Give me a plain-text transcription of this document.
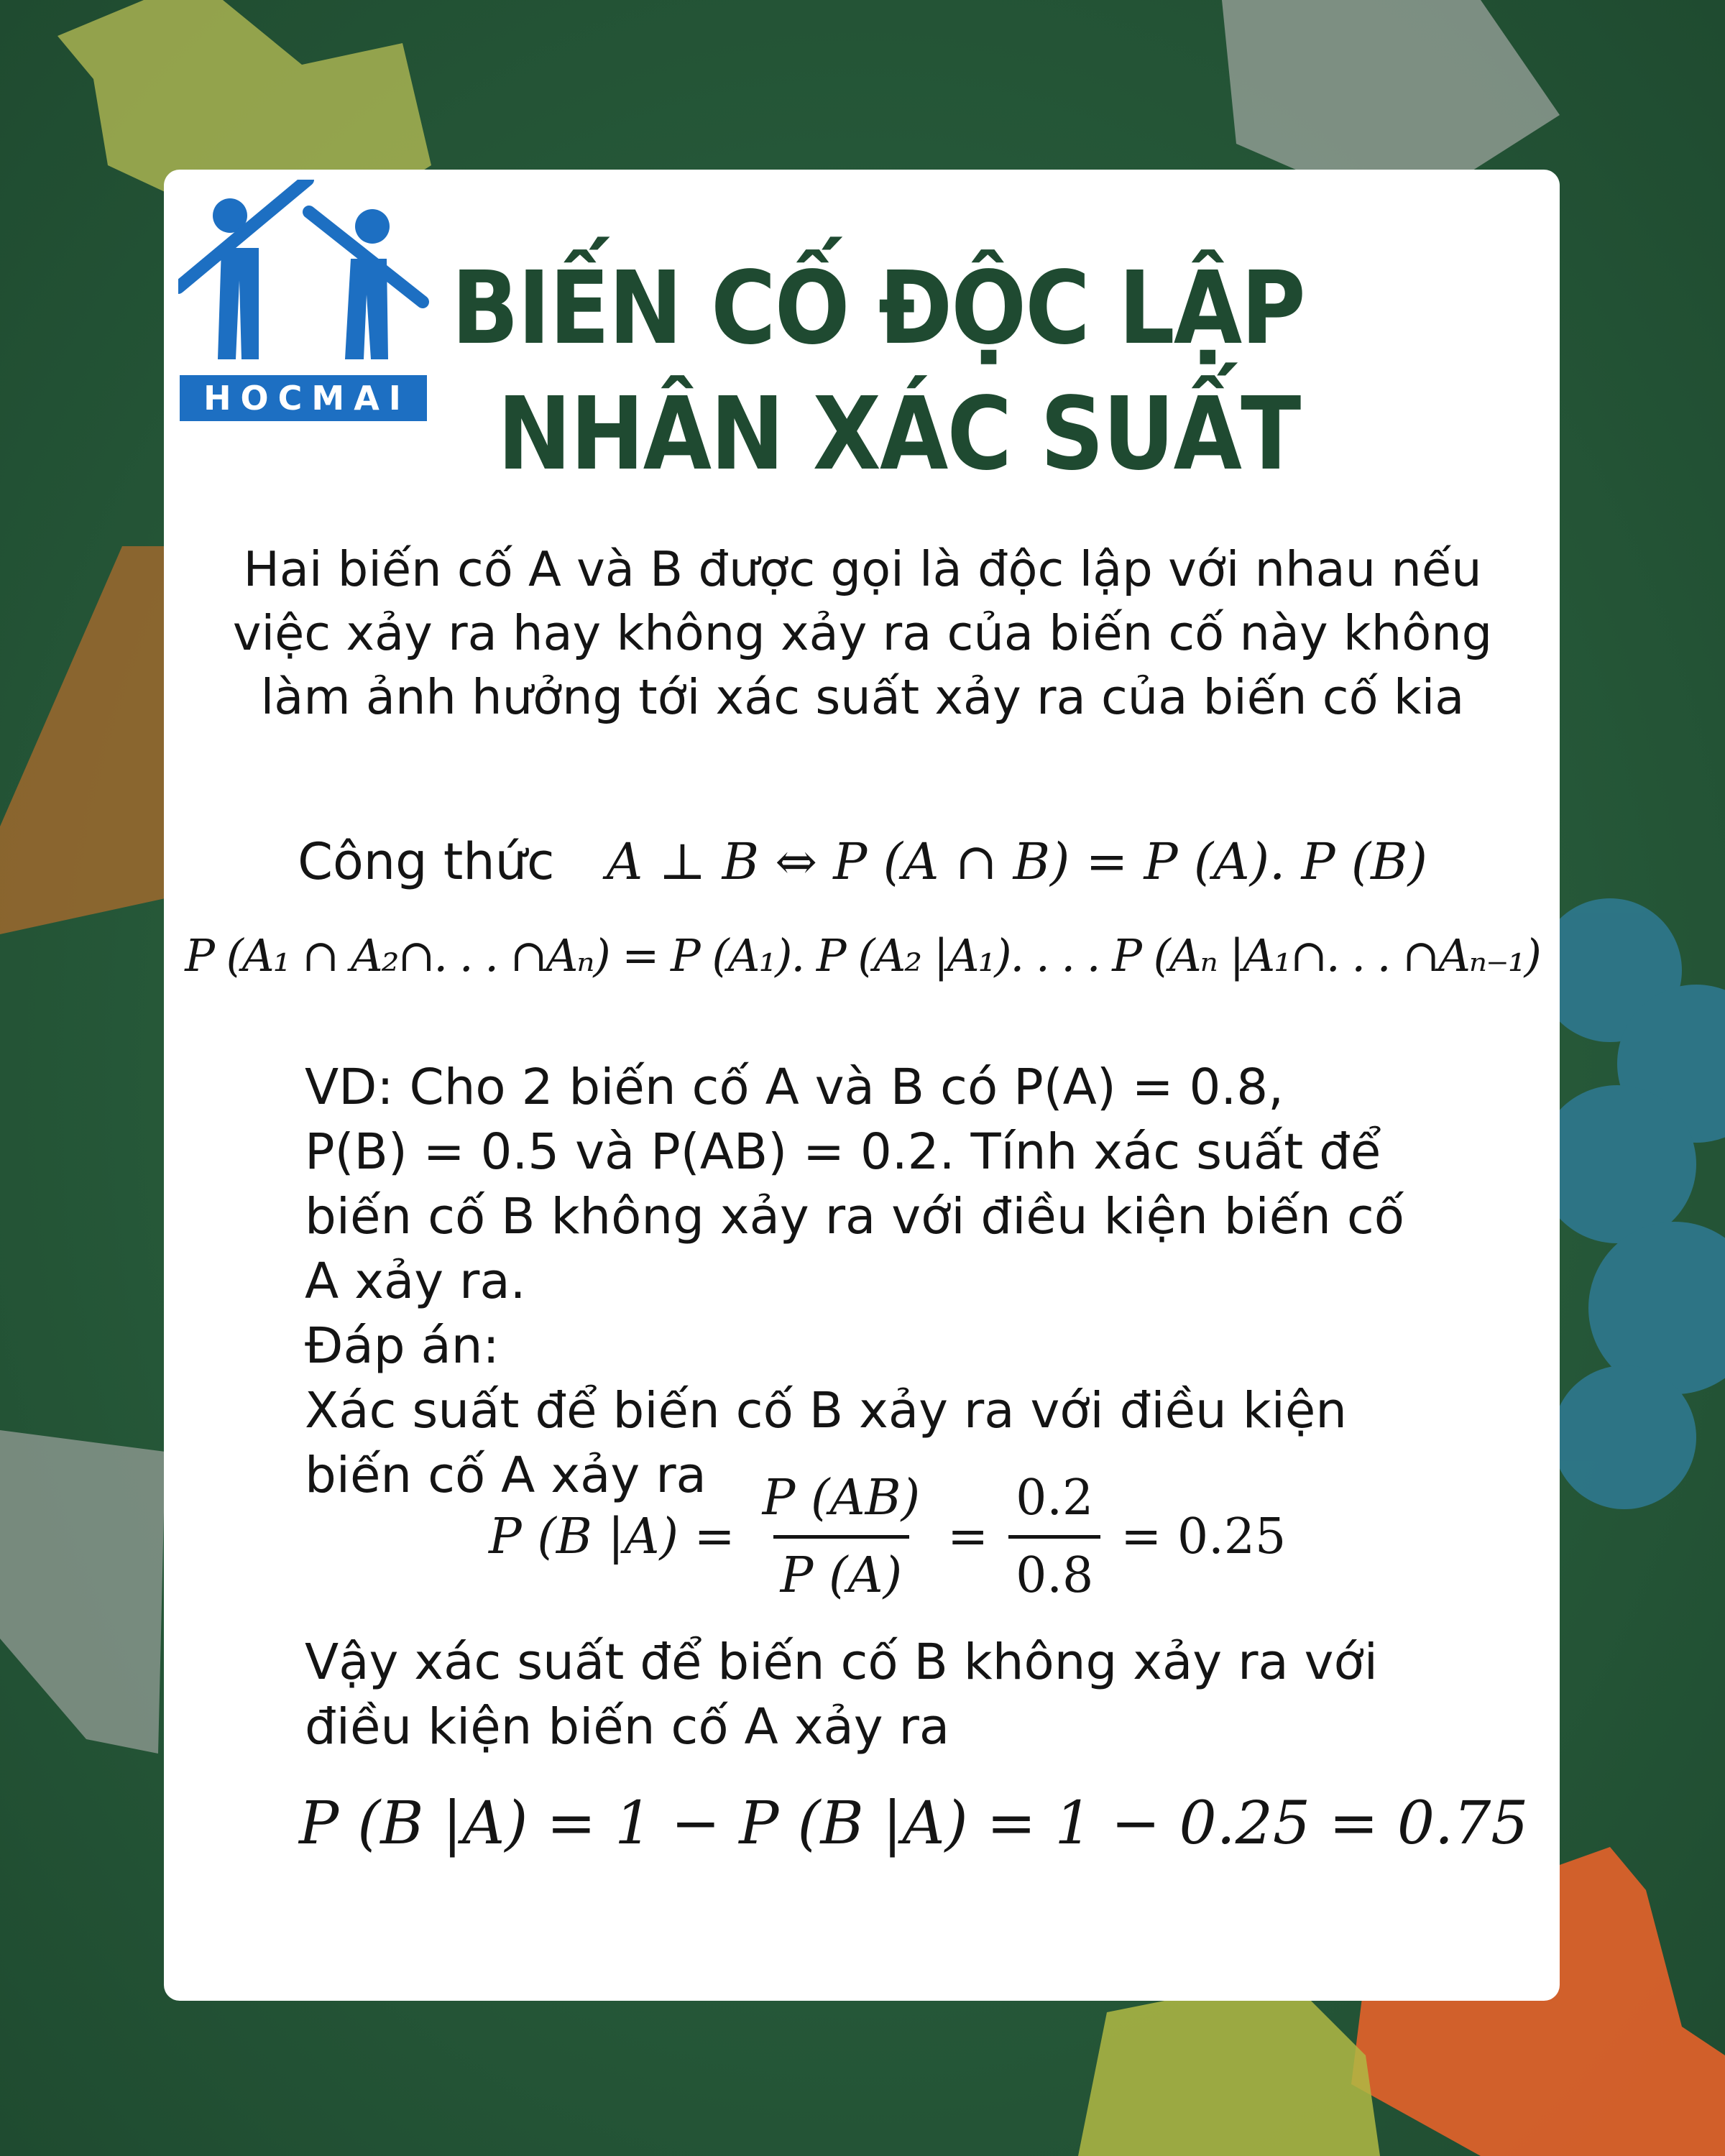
HOCMAI
BIẾN CỐ ĐỘC LẬP
NHÂN XÁC SUẤT
Hai biến cố A và B được gọi là độc lập với nhau nếu việc xảy ra hay không xảy ra của biến cố này không làm ảnh hưởng tới xác suất xảy ra của biến cố kia
Công thức A ⊥ B ⇔ P (A ∩ B) = P (A). P (B)
P (A₁ ∩ A₂∩. . . ∩Aₙ) = P (A₁). P (A₂ |A₁). . . . P (Aₙ |A₁∩. . . ∩Aₙ₋₁)

VD: Cho 2 biến cố A và B có P(A) = 0.8,

P(B) = 0.5 và P(AB) = 0.2. Tính xác suất để

biến cố B không xảy ra với điều kiện biến cố

A xảy ra.

Đáp án:

Xác suất để biến cố B xảy ra với điều kiện

biến cố A xảy ra

P (B $|A) = \frac{P (AB)}{P (A)} = \frac{0.2}{0.8} = 0.25$
Vậy xác suất để biến cố B không xảy ra với
điều kiện biến cố A xảy ra
P (B |A) = 1 − P (B |A) = 1 − 0.25 = 0.75
